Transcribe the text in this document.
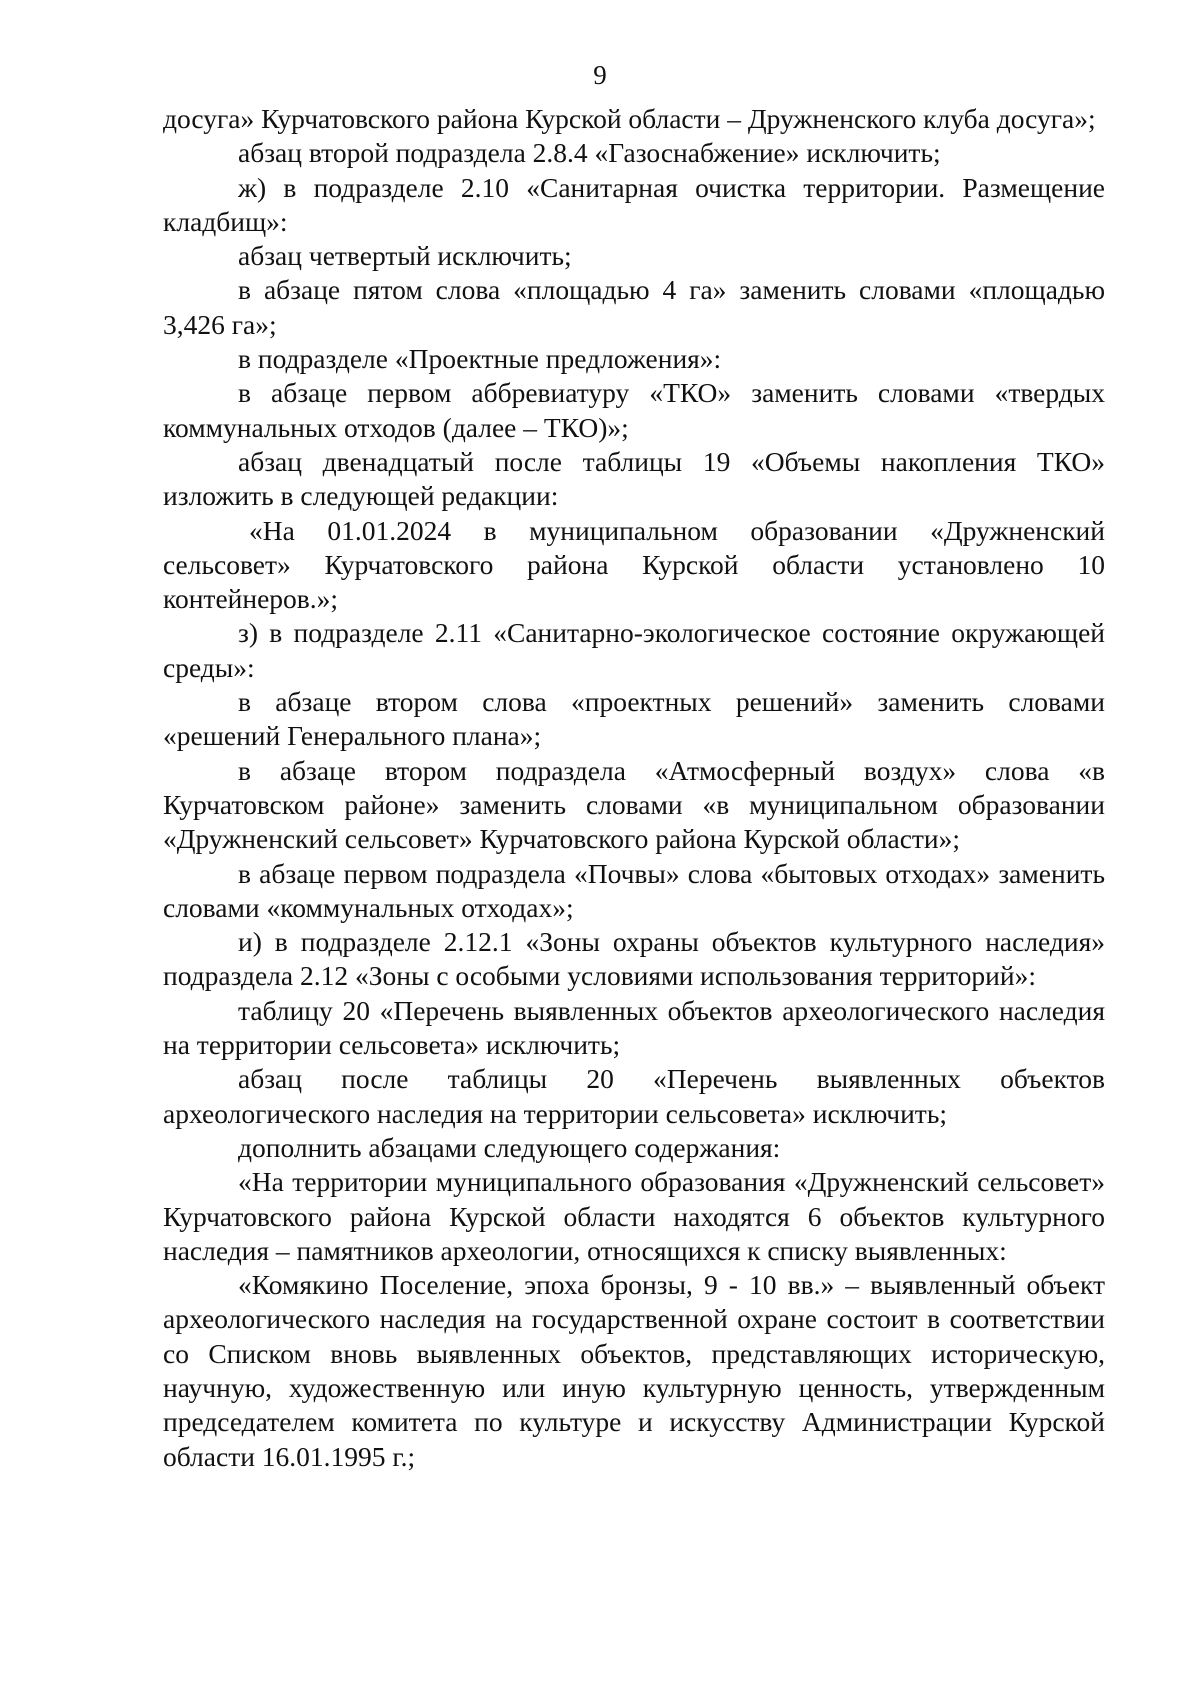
9

досуга» Курчатовского района Курской области – Дружненского клуба досуга»;

абзац второй подраздела 2.8.4 «Газоснабжение» исключить;

ж) в подразделе 2.10 «Санитарная очистка территории. Размещение кладбищ»:

абзац четвертый исключить;

в абзаце пятом слова «площадью 4 га» заменить словами «площадью 3,426 га»;

в подразделе «Проектные предложения»:

в абзаце первом аббревиатуру «ТКО» заменить словами «твердых коммунальных отходов (далее – ТКО)»;

абзац двенадцатый после таблицы 19 «Объемы накопления ТКО» изложить в следующей редакции:

«На 01.01.2024 в муниципальном образовании «Дружненский сельсовет» Курчатовского района Курской области установлено 10 контейнеров.»;

з) в подразделе 2.11 «Санитарно-экологическое состояние окружающей среды»:

в абзаце втором слова «проектных решений» заменить словами «решений Генерального плана»;

в абзаце втором подраздела «Атмосферный воздух» слова «в Курчатовском районе» заменить словами «в муниципальном образовании «Дружненский сельсовет» Курчатовского района Курской области»;

в абзаце первом подраздела «Почвы» слова «бытовых отходах» заменить словами «коммунальных отходах»;

и) в подразделе 2.12.1 «Зоны охраны объектов культурного наследия» подраздела 2.12 «Зоны с особыми условиями использования территорий»:

таблицу 20 «Перечень выявленных объектов археологического наследия на территории сельсовета» исключить;

абзац после таблицы 20 «Перечень выявленных объектов археологического наследия на территории сельсовета» исключить;

дополнить абзацами следующего содержания:

«На территории муниципального образования «Дружненский сельсовет» Курчатовского района Курской области находятся 6 объектов культурного наследия – памятников археологии, относящихся к списку выявленных:

«Комякино Поселение, эпоха бронзы, 9 - 10 вв.» – выявленный объект археологического наследия на государственной охране состоит в соответствии со Списком вновь выявленных объектов, представляющих историческую, научную, художественную или иную культурную ценность, утвержденным председателем комитета по культуре и искусству Администрации Курской области 16.01.1995 г.;
